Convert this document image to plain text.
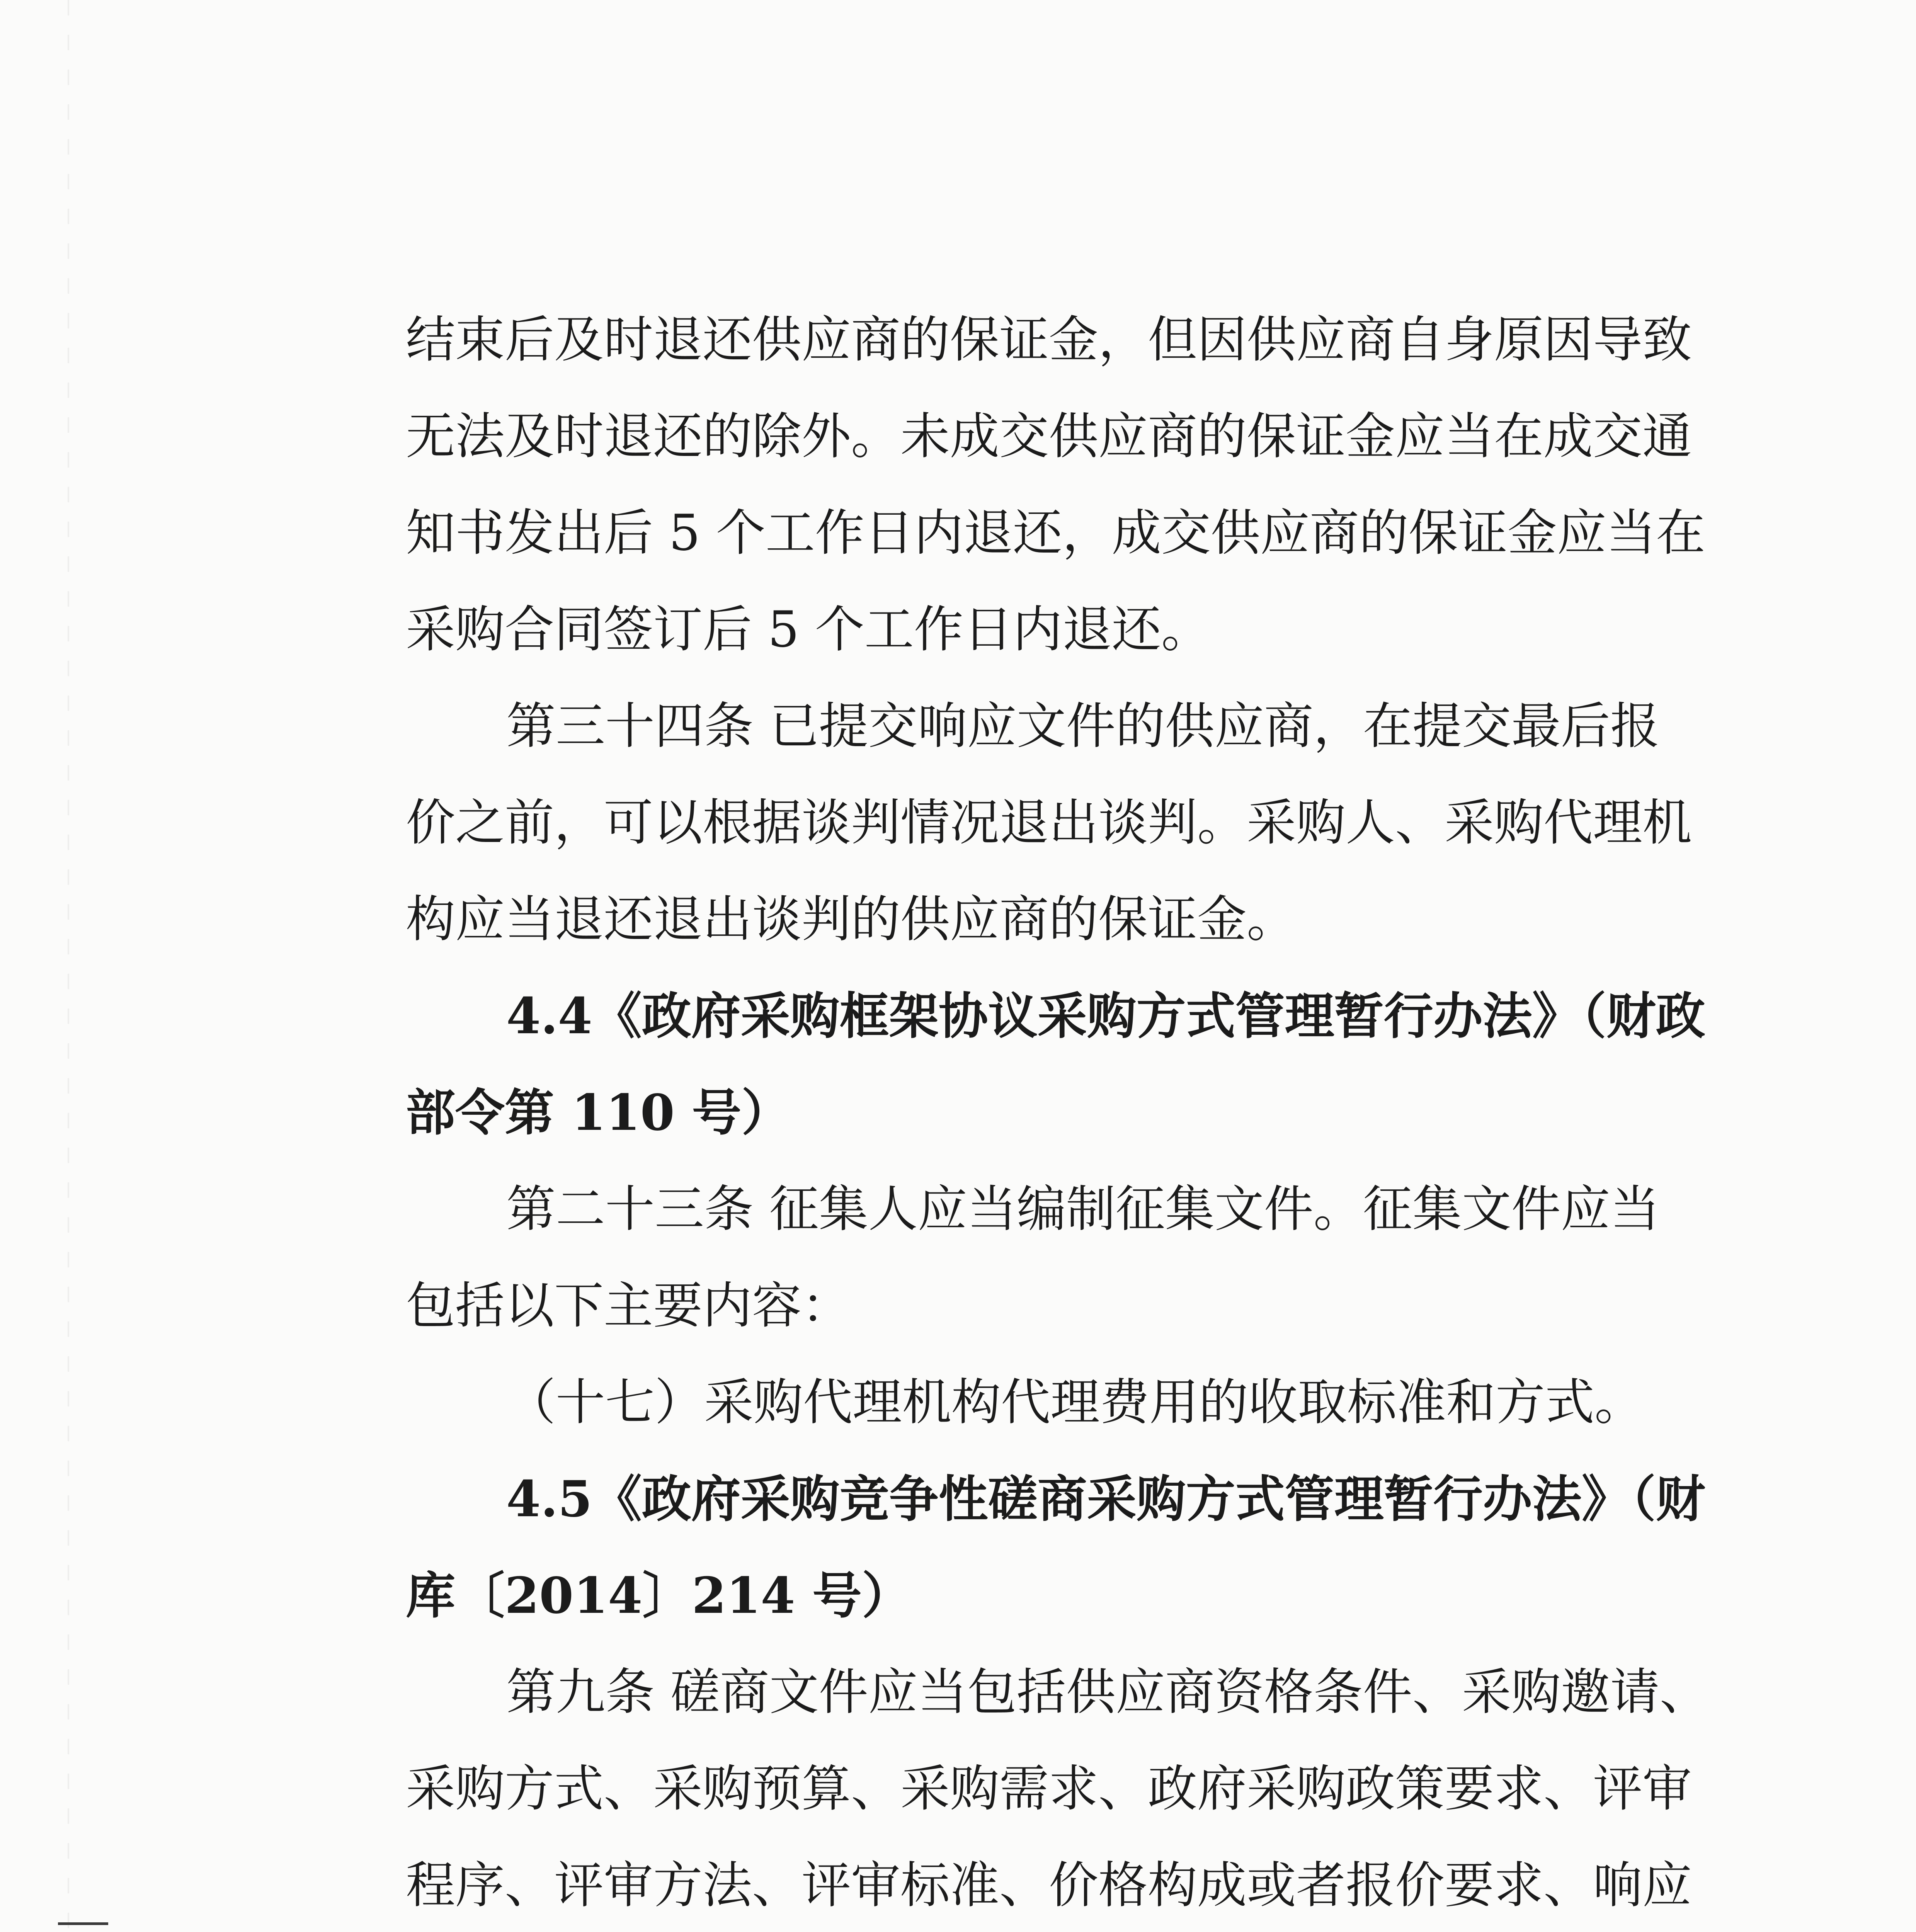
结束后及时退还供应商的保证金，但因供应商自身原因导致
无法及时退还的除外。未成交供应商的保证金应当在成交通
知书发出后 5 个工作日内退还，成交供应商的保证金应当在
采购合同签订后 5 个工作日内退还。
第三十四条 已提交响应文件的供应商，在提交最后报
价之前，可以根据谈判情况退出谈判。采购人、采购代理机
构应当退还退出谈判的供应商的保证金。
4.4《政府采购框架协议采购方式管理暂行办法》（财政
部令第 110 号）
第二十三条 征集人应当编制征集文件。征集文件应当
包括以下主要内容：
（十七）采购代理机构代理费用的收取标准和方式。
4.5《政府采购竞争性磋商采购方式管理暂行办法》（财
库〔2014〕214 号）
第九条 磋商文件应当包括供应商资格条件、采购邀请、
采购方式、采购预算、采购需求、政府采购政策要求、评审
程序、评审方法、评审标准、价格构成或者报价要求、响应
